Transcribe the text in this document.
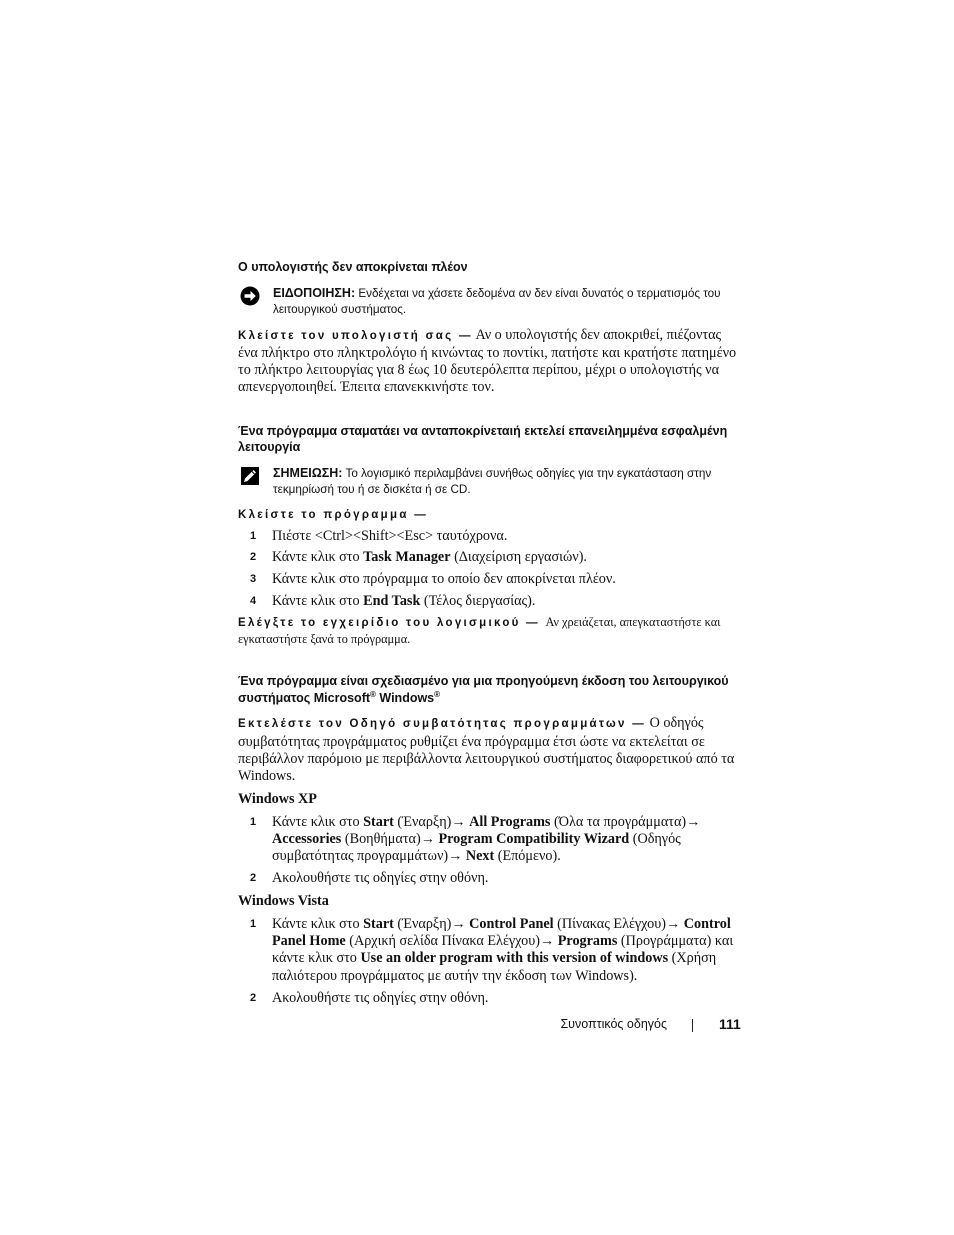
Ο υπολογιστής δεν αποκρίνεται πλέον
ΕΙΔΟΠΟΙΗΣΗ: Ενδέχεται να χάσετε δεδομένα αν δεν είναι δυνατός ο τερματισμός του λειτουργικού συστήματος.

Κλείστε τον υπολογιστή σας — Αν ο υπολογιστής δεν αποκριθεί, πιέζοντας ένα πλήκτρο στο πληκτρολόγιο ή κινώντας το ποντίκι, πατήστε και κρατήστε πατημένο το πλήκτρο λειτουργίας για 8 έως 10 δευτερόλεπτα περίπου, μέχρι ο υπολογιστής να απενεργοποιηθεί. Έπειτα επανεκκινήστε τον.

Ένα πρόγραμμα σταματάει να ανταποκρίνεταιή εκτελεί επανειλημμένα εσφαλμένη λειτουργία
ΣΗΜΕΙΩΣΗ: Το λογισμικό περιλαμβάνει συνήθως οδηγίες για την εγκατάσταση στην τεκμηρίωσή του ή σε δισκέτα ή σε CD.
Κλείστε το πρόγραμμα —
1 Πιέστε <Ctrl><Shift><Esc> ταυτόχρονα.
2 Κάντε κλικ στο Task Manager (Διαχείριση εργασιών).
3 Κάντε κλικ στο πρόγραμμα το οποίο δεν αποκρίνεται πλέον.
4 Κάντε κλικ στο End Task (Τέλος διεργασίας).

Ελέγξτε το εγχειρίδιο του λογισμικού — Αν χρειάζεται, απεγκαταστήστε και εγκαταστήστε ξανά το πρόγραμμα.

Ένα πρόγραμμα είναι σχεδιασμένο για μια προηγούμενη έκδοση του λειτουργικού συστήματος Microsoft® Windows®

Εκτελέστε τον Οδηγό συμβατότητας προγραμμάτων — Ο οδηγός συμβατότητας προγράμματος ρυθμίζει ένα πρόγραμμα έτσι ώστε να εκτελείται σε περιβάλλον παρόμοιο με περιβάλλοντα λειτουργικού συστήματος διαφορετικού από τα Windows.

Windows XP

1 Κάντε κλικ στο Start (Έναρξη)→ All Programs (Όλα τα προγράμματα)→ Accessories (Βοηθήματα)→ Program Compatibility Wizard (Οδηγός συμβατότητας προγραμμάτων)→ Next (Επόμενο).
2 Ακολουθήστε τις οδηγίες στην οθόνη.

Windows Vista

1 Κάντε κλικ στο Start (Έναρξη)→ Control Panel (Πίνακας Ελέγχου)→ Control Panel Home (Αρχική σελίδα Πίνακα Ελέγχου)→ Programs (Προγράμματα) και κάντε κλικ στο Use an older program with this version of windows (Χρήση παλιότερου προγράμματος με αυτήν την έκδοση των Windows).
2 Ακολουθήστε τις οδηγίες στην οθόνη.
Συνοπτικός οδηγός	111
